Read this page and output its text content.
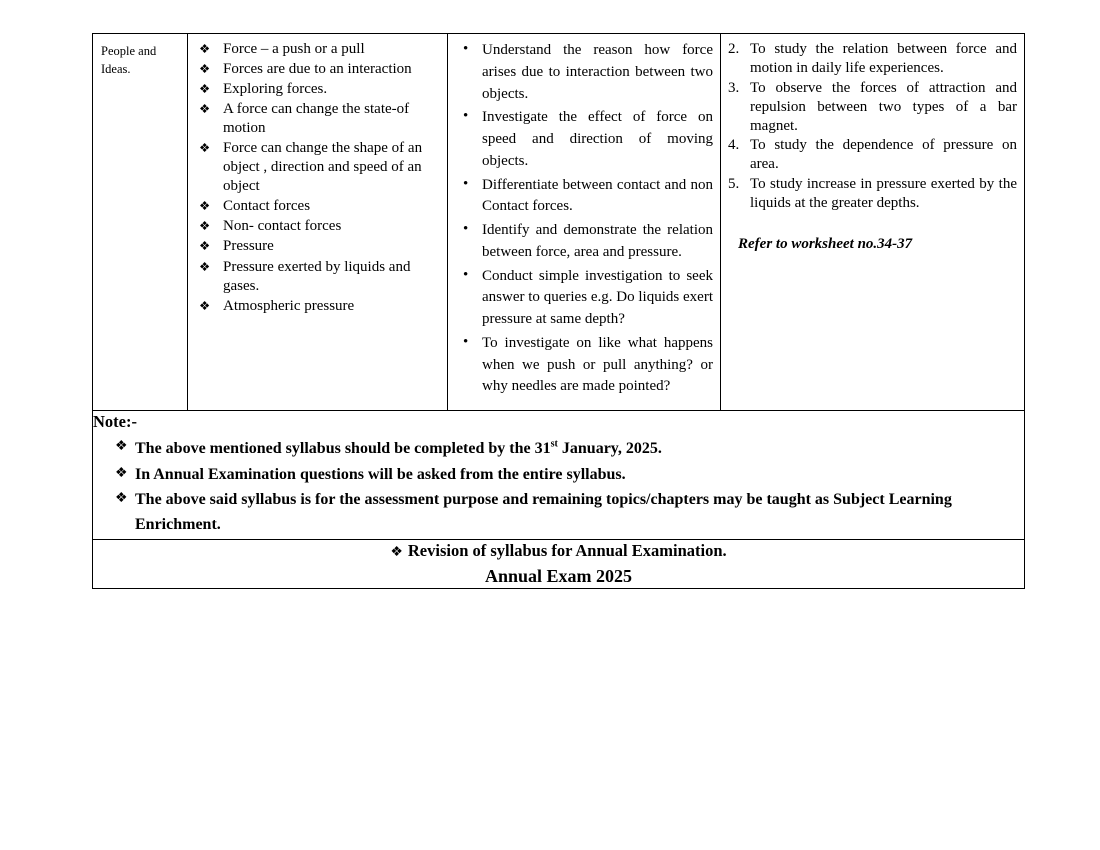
People and Ideas.

❖ Force – a push or a pull
❖ Forces are due to an interaction
❖ Exploring forces.
❖ A force can change the state-of motion
❖ Force can change the shape of an object , direction and speed of an object
❖ Contact forces
❖ Non- contact forces
❖ Pressure
❖ Pressure exerted by liquids and gases.
❖ Atmospheric pressure

• Understand the reason how force arises due to interaction between two objects.
• Investigate the effect of force on speed and direction of moving objects.
• Differentiate between contact and non Contact forces.
• Identify and demonstrate the relation between force, area and pressure.
• Conduct simple investigation to seek answer to queries e.g. Do liquids exert pressure at same depth?
• To investigate on like what happens when we push or pull anything? or why needles are made pointed?

2. To study the relation between force and motion in daily life experiences.
3. To observe the forces of attraction and repulsion between two types of a bar magnet.
4. To study the dependence of pressure on area.
5. To study increase in pressure exerted by the liquids at the greater depths.
Refer to worksheet no.34-37

Note:-
❖ The above mentioned syllabus should be completed by the 31st January, 2025.
❖ In Annual Examination questions will be asked from the entire syllabus.
❖ The above said syllabus is for the assessment purpose and remaining topics/chapters may be taught as Subject Learning Enrichment.

❖ Revision of syllabus for Annual Examination.
Annual Exam 2025
